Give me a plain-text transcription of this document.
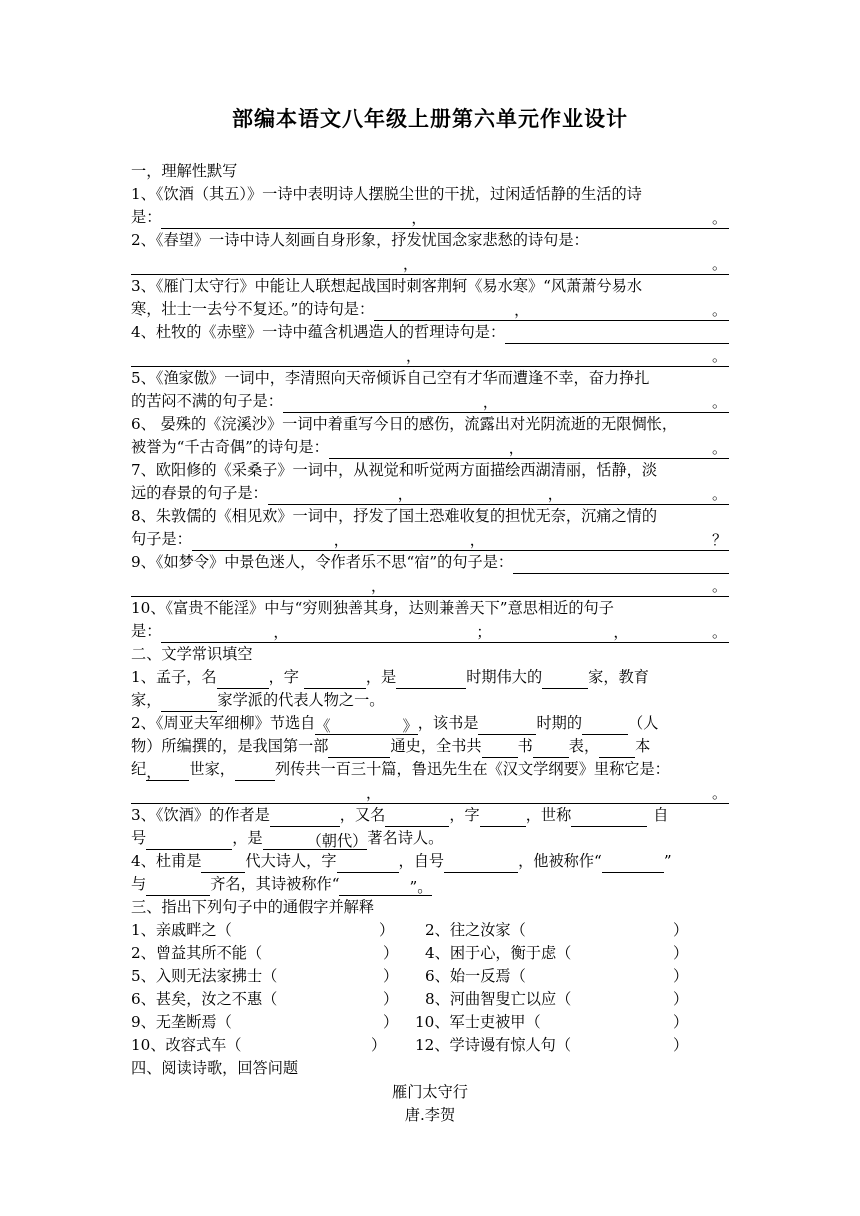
部编本语文八年级上册第六单元作业设计
一，理解性默写
1、《饮酒（其五）》一诗中表明诗人摆脱尘世的干扰，过闲适恬静的生活的诗
是：	，	。
2、《春望》一诗中诗人刻画自身形象，抒发忧国念家悲愁的诗句是：
，	。
3、《雁门太守行》中能让人联想起战国时刺客荆轲《易水寒》“风萧萧兮易水
寒，壮士一去兮不复还。”的诗句是：	，	。
4、杜牧的《赤壁》一诗中蕴含机遇造人的哲理诗句是：
，	。
5、《渔家傲》一词中，李清照向天帝倾诉自己空有才华而遭逢不幸，奋力挣扎
的苦闷不满的句子是：	，	。
6、 晏殊的《浣溪沙》一词中着重写今日的感伤，流露出对光阴流逝的无限惆怅，
被誉为“千古奇偶”的诗句是：	，	。
7、欧阳修的《采桑子》一词中，从视觉和听觉两方面描绘西湖清丽，恬静，淡
远的春景的句子是：	，	，	。
8、朱敦儒的《相见欢》一词中，抒发了国土恐难收复的担忧无奈，沉痛之情的
句子是：	，	，	？
9、《如梦令》中景色迷人，令作者乐不思“宿”的句子是：
，	。
10、《富贵不能淫》中与“穷则独善其身，达则兼善天下”意思相近的句子
是：	，	；	，	。
二、文学常识填空
1、孟子，名	，字	，是	时期伟大的	家，教育
家，	家学派的代表人物之一。
2、《周亚夫军细柳》节选自《	》，该书是	时期的	（人
物）所编撰的，是我国第一部	通史，全书共 书 表， 本
纪， 世家，	列传共一百三十篇，鲁迅先生在《汉文学纲要》里称它是：
，	。
3、《饮酒》的作者是	，又名	，字	，世称	自
号	，是	（朝代）著名诗人。
4、杜甫是	代大诗人，字	，自号	，他被称作“	”
与	齐名，其诗被称作“	”。
三、指出下列句子中的通假字并解释
1、亲戚畔之（	） 2、往之汝家（	）
2、曾益其所不能（	） 4、困于心，衡于虑（	）
5、入则无法家拂士（	） 6、始一反焉（	）
6、甚矣，汝之不惠（	） 8、河曲智叟亡以应（	）
9、无垄断焉（	） 10、军士吏被甲（	）
10、改容式车（	） 12、学诗谩有惊人句（	）
四、阅读诗歌，回答问题
雁门太守行
唐.李贺
